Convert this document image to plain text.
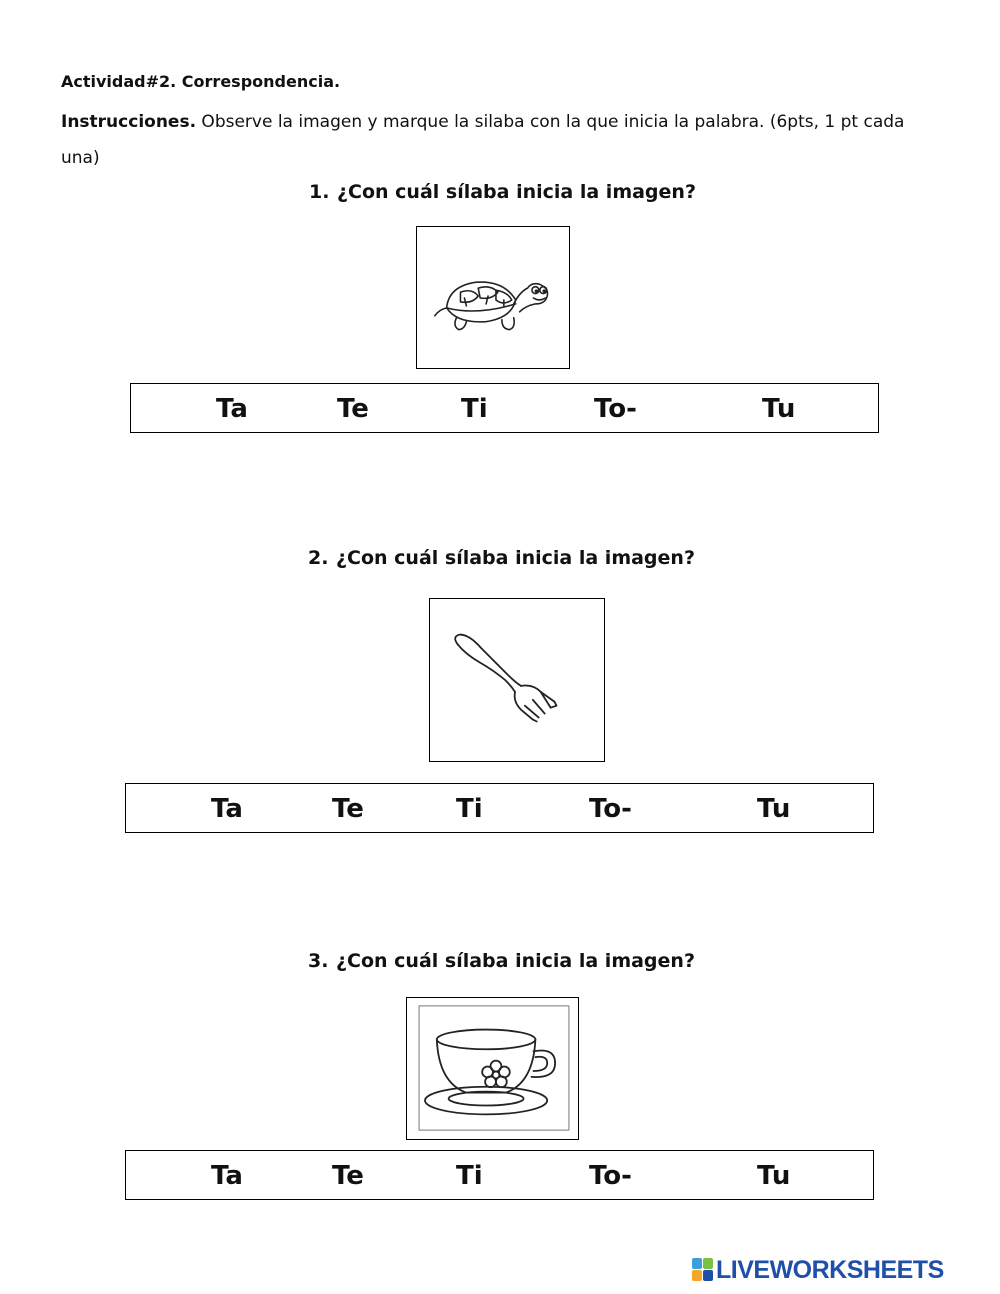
Actividad#2. Correspondencia.
Instrucciones. Observe la imagen y marque la silaba con la que inicia la palabra. (6pts, 1 pt cada una)
1. ¿Con cuál sílaba inicia la imagen?
Ta	Te	Ti	To-	Tu
2. ¿Con cuál sílaba inicia la imagen?
Ta	Te	Ti	To-	Tu
3. ¿Con cuál sílaba inicia la imagen?
Ta	Te	Ti	To-	Tu
LIVEWORKSHEETS
